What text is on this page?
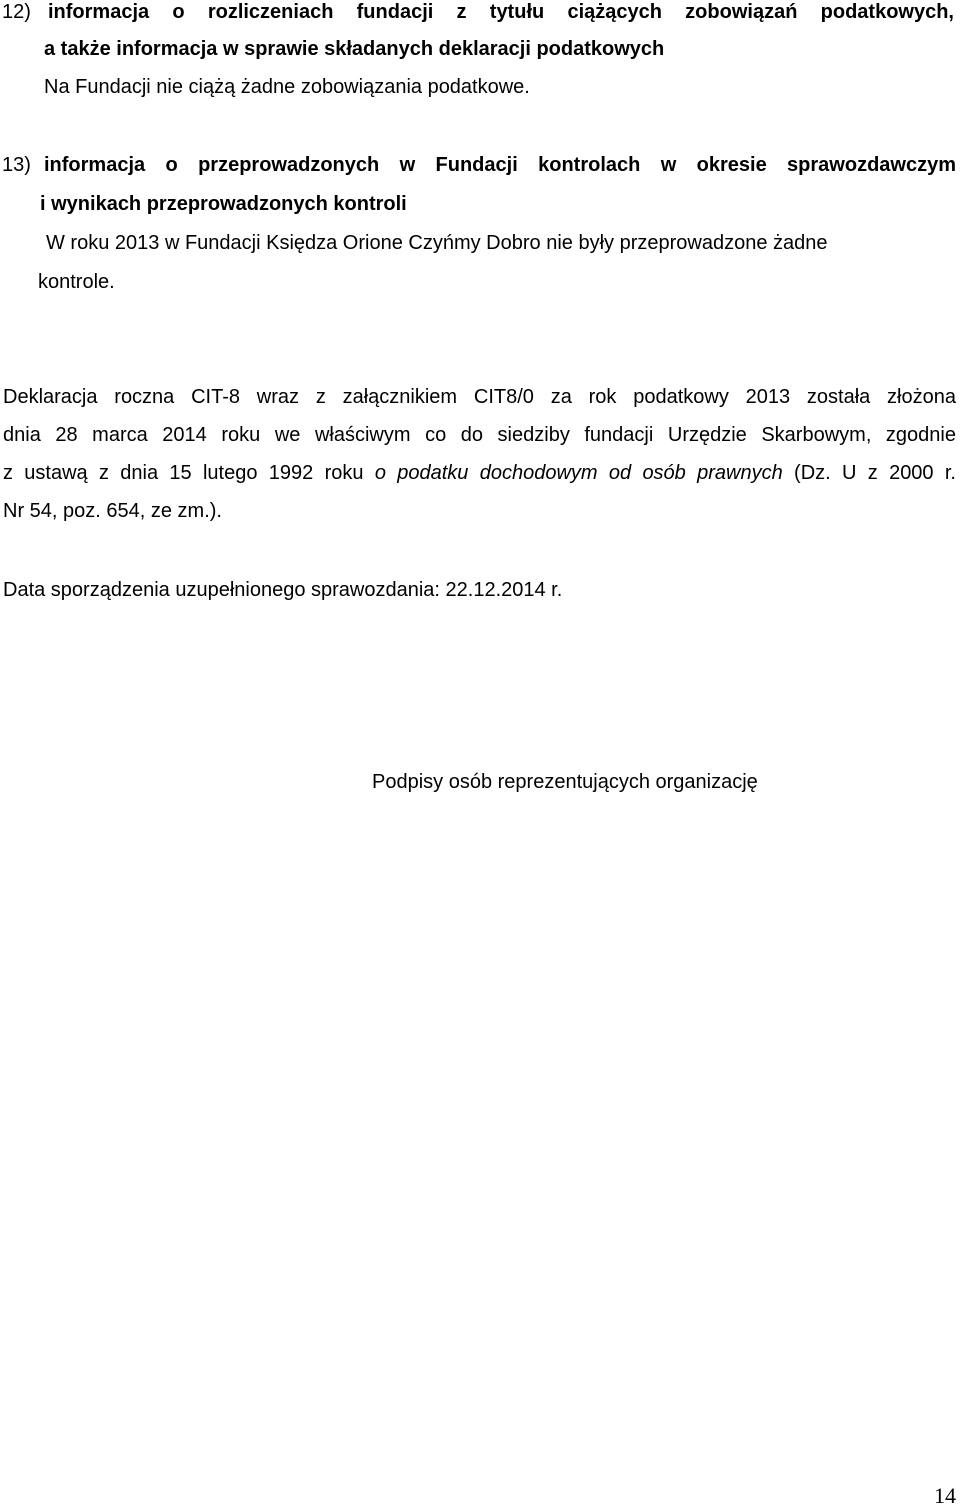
12) informacja o rozliczeniach fundacji z tytułu ciążących zobowiązań podatkowych,
a także informacja w sprawie składanych deklaracji podatkowych
Na Fundacji nie ciążą żadne zobowiązania podatkowe.
13) informacja o przeprowadzonych w Fundacji kontrolach w okresie sprawozdawczym
i wynikach przeprowadzonych kontroli
W roku 2013 w Fundacji Księdza Orione Czyńmy Dobro nie były przeprowadzone żadne
kontrole.
Deklaracja roczna CIT-8 wraz z załącznikiem CIT8/0 za rok podatkowy 2013 została złożona
dnia 28 marca 2014 roku we właściwym co do siedziby fundacji Urzędzie Skarbowym, zgodnie
z ustawą z dnia 15 lutego 1992 roku o podatku dochodowym od osób prawnych (Dz. U z 2000 r.
Nr 54, poz. 654, ze zm.).
Data sporządzenia uzupełnionego sprawozdania: 22.12.2014 r.
Podpisy osób reprezentujących organizację
14
